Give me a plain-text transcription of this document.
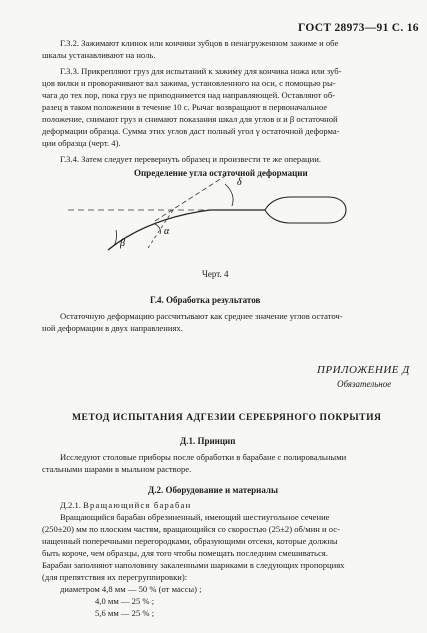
ГОСТ 28973—91 С. 16
Г.3.2. Зажимают клинок или кончики зубцов в ненагруженном зажиме и обе
шкалы устанавливают на ноль.
Г.3.3. Прикрепляют груз для испытаний к зажиму для кончика ножа или зуб-
цов вилки и проворачивают вал зажима, установленного на оси, с помощью ры-
чага до тех пор, пока груз не приподнимется над направляющей. Оставляют об-
разец в таком положении в течение 10 с. Рычаг возвращают в первоначальное
положение, снимают груз и снимают показания шкал для углов α и β остаточной
деформации образца. Сумма этих углов даст полный угол γ остаточной деформа-
ции образца (черт. 4).
Г.3.4. Затем следует перевернуть образец и произвести те же операции.
Определение угла остаточной деформации
δ
α
β
Черт. 4
Г.4. Обработка результатов
Остаточную деформацию рассчитывают как среднее значение углов остаточ-
ной деформации в двух направлениях.
ПРИЛОЖЕНИЕ Д
Обязательное
МЕТОД ИСПЫТАНИЯ АДГЕЗИИ СЕРЕБРЯНОГО ПОКРЫТИЯ
Д.1. Принцип
Исследуют столовые приборы после обработки в барабане с полировальными
стальными шарами в мыльном растворе.
Д.2. Оборудование и материалы
Д.2.1. Вращающийся барабан
Вращающийся барабан обрезиненный, имеющий шестиугольное сечение
(250±20) мм по плоским частям, вращающийся со скоростью (25±2) об/мин и ос-
нащенный поперечными перегородками, образующими отсеки, которые должны
быть короче, чем образцы, для того чтобы помещать последним смешиваться.
Барабан заполняют наполовину закаленными шариками в следующих пропорциях
(для препятствия их перегруппировки):
диаметром 4,8 мм — 50 % (от массы) ;
4,0 мм — 25 % ;
5,6 мм — 25 % ;
